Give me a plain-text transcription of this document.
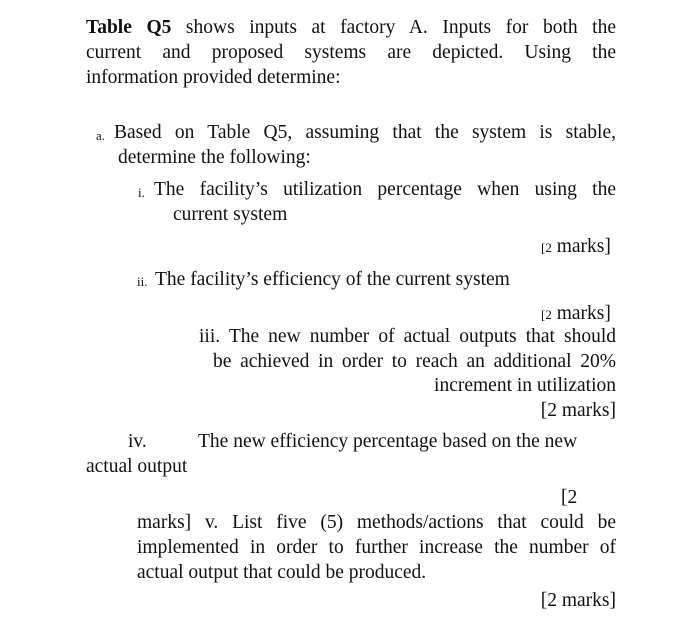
Table Q5 shows inputs at factory A. Inputs for both the
current and proposed systems are depicted. Using the
information provided determine:
a. Based on Table Q5, assuming that the system is stable,
determine the following:
i. The facility’s utilization percentage when using the
current system
[2 marks]
ii. The facility’s efficiency of the current system
[2 marks]
iii. The new number of actual outputs that should
be achieved in order to reach an additional 20%
increment in utilization
[2 marks]
iv.	The new efficiency percentage based on the new
actual output
[2
marks] v. List five (5) methods/actions that could be
implemented in order to further increase the number of
actual output that could be produced.
[2 marks]
